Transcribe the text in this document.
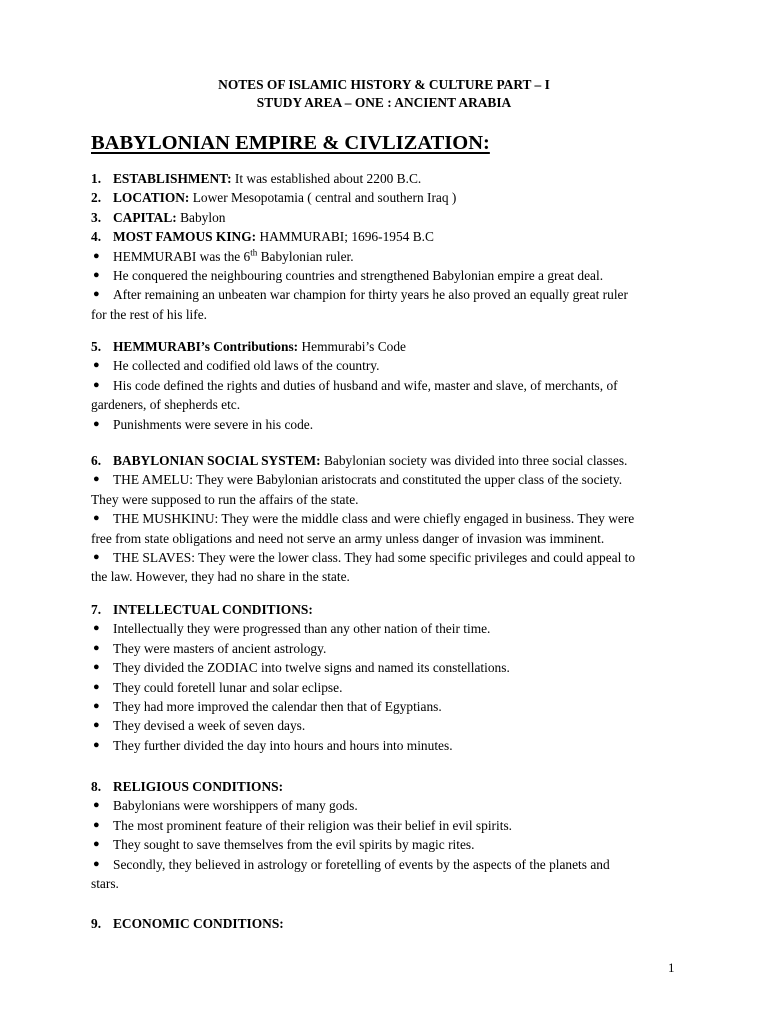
NOTES OF ISLAMIC HISTORY & CULTURE PART – I

STUDY AREA – ONE : ANCIENT ARABIA

BABYLONIAN EMPIRE & CIVLIZATION:
1. ESTABLISHMENT: It was established about 2200 B.C.
2. LOCATION: Lower Mesopotamia ( central and southern Iraq )
3. CAPITAL: Babylon
4. MOST FAMOUS KING: HAMMURABI; 1696-1954 B.C
● HEMMURABI was the 6th Babylonian ruler.
● He conquered the neighbouring countries and strengthened Babylonian empire a great deal.
● After remaining an unbeaten war champion for thirty years he also proved an equally great ruler
for the rest of his life.
5. HEMMURABI’s Contributions: Hemmurabi’s Code
● He collected and codified old laws of the country.
● His code defined the rights and duties of husband and wife, master and slave, of merchants, of
gardeners, of shepherds etc.
● Punishments were severe in his code.
6. BABYLONIAN SOCIAL SYSTEM: Babylonian society was divided into three social classes.
● THE AMELU: They were Babylonian aristocrats and constituted the upper class of the society.
They were supposed to run the affairs of the state.
● THE MUSHKINU: They were the middle class and were chiefly engaged in business. They were
free from state obligations and need not serve an army unless danger of invasion was imminent.
● THE SLAVES: They were the lower class. They had some specific privileges and could appeal to
the law. However, they had no share in the state.
7. INTELLECTUAL CONDITIONS:
● Intellectually they were progressed than any other nation of their time.
● They were masters of ancient astrology.
● They divided the ZODIAC into twelve signs and named its constellations.
● They could foretell lunar and solar eclipse.
● They had more improved the calendar then that of Egyptians.
● They devised a week of seven days.
● They further divided the day into hours and hours into minutes.
8. RELIGIOUS CONDITIONS:
● Babylonians were worshippers of many gods.
● The most prominent feature of their religion was their belief in evil spirits.
● They sought to save themselves from the evil spirits by magic rites.
● Secondly, they believed in astrology or foretelling of events by the aspects of the planets and
stars.
9. ECONOMIC CONDITIONS:
1
